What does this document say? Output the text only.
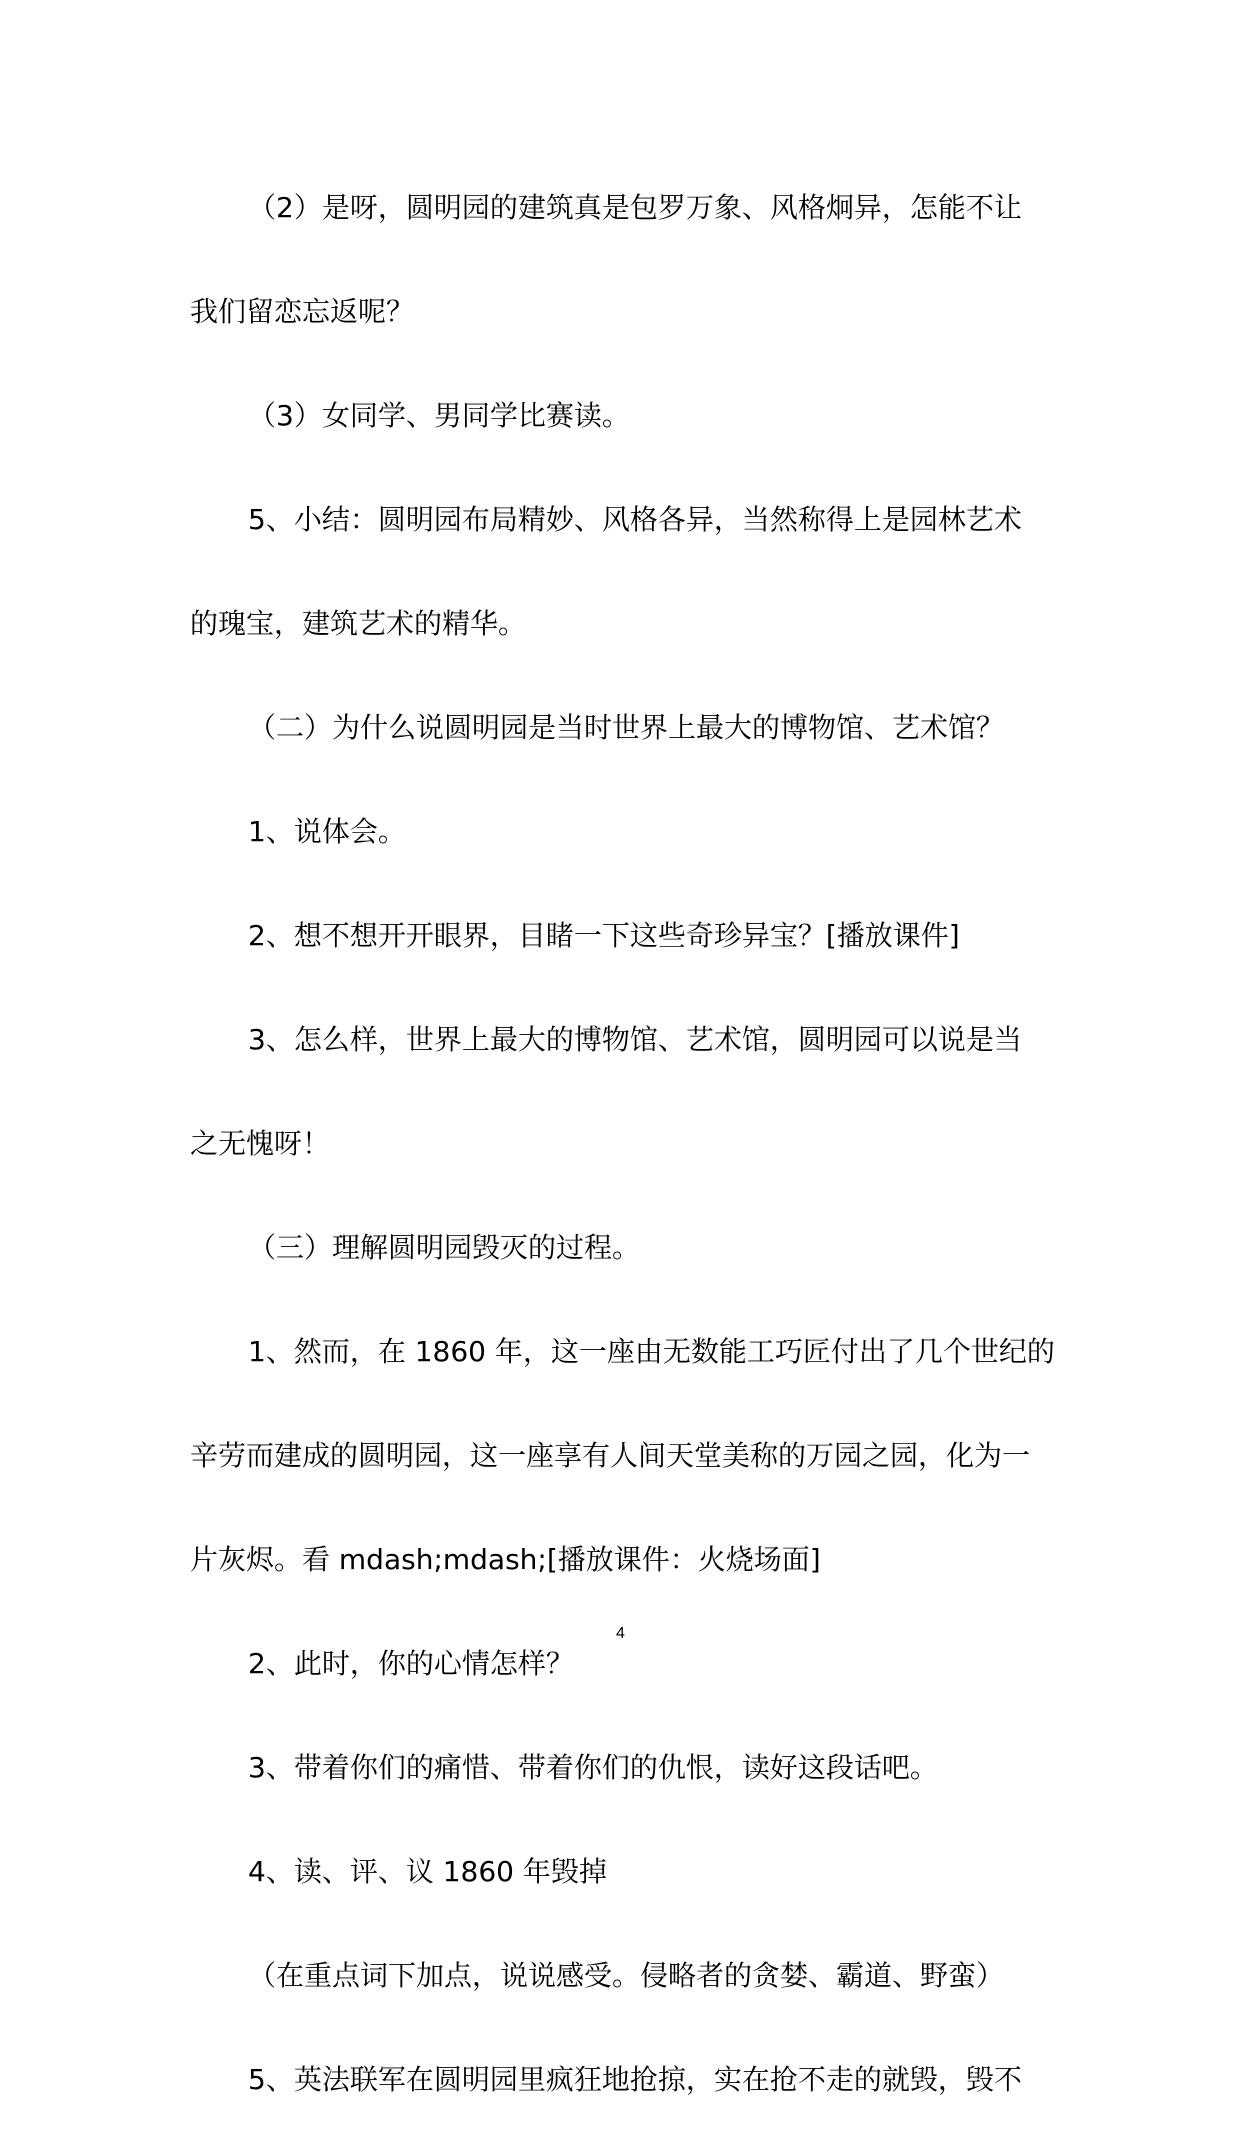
（2）是呀，圆明园的建筑真是包罗万象、风格炯异，怎能不让

我们留恋忘返呢？

（3）女同学、男同学比赛读。

5、小结：圆明园布局精妙、风格各异，当然称得上是园林艺术

的瑰宝，建筑艺术的精华。

（二）为什么说圆明园是当时世界上最大的博物馆、艺术馆？

1、说体会。

2、想不想开开眼界，目睹一下这些奇珍异宝？[播放课件]

3、怎么样，世界上最大的博物馆、艺术馆，圆明园可以说是当

之无愧呀！

（三）理解圆明园毁灭的过程。

1、然而，在 1860 年，这一座由无数能工巧匠付出了几个世纪的

辛劳而建成的圆明园，这一座享有人间天堂美称的万园之园，化为一

片灰烬。看 mdash;mdash;[播放课件：火烧场面]

2、此时，你的心情怎样？

3、带着你们的痛惜、带着你们的仇恨，读好这段话吧。

4、读、评、议 1860 年毁掉

（在重点词下加点，说说感受。侵略者的贪婪、霸道、野蛮）

5、英法联军在圆明园里疯狂地抢掠，实在抢不走的就毁，毁不

4
